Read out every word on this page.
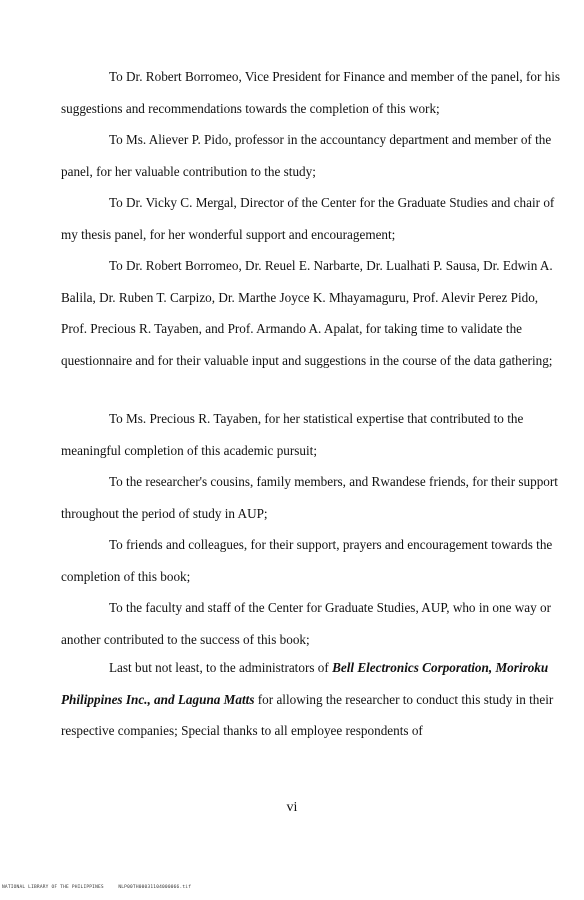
To Dr. Robert Borromeo, Vice President for Finance and member of the panel, for his suggestions and recommendations towards the completion of this work;

To Ms. Aliever P. Pido, professor in the accountancy department and member of the panel, for her valuable contribution to the study;

To Dr. Vicky C. Mergal, Director of the Center for the Graduate Studies and chair of my thesis panel, for her wonderful support and encouragement;

To Dr. Robert Borromeo, Dr. Reuel E. Narbarte, Dr. Lualhati P. Sausa, Dr. Edwin A. Balila, Dr. Ruben T. Carpizo, Dr. Marthe Joyce K. Mhayamaguru, Prof. Alevir Perez Pido, Prof. Precious R. Tayaben, and Prof. Armando A. Apalat, for taking time to validate the questionnaire and for their valuable input and suggestions in the course of the data gathering;

To Ms. Precious R. Tayaben, for her statistical expertise that contributed to the meaningful completion of this academic pursuit;

To the researcher's cousins, family members, and Rwandese friends, for their support throughout the period of study in AUP;

To friends and colleagues, for their support, prayers and encouragement towards the completion of this book;

To the faculty and staff of the Center for Graduate Studies, AUP, who in one way or another contributed to the success of this book;

Last but not least, to the administrators of Bell Electronics Corporation, Moriroku Philippines Inc., and Laguna Matts for allowing the researcher to conduct this study in their respective companies; Special thanks to all employee respondents of

vi
NATIONAL LIBRARY OF THE PHILIPPINES     NLP00TH00031104000066.tif
